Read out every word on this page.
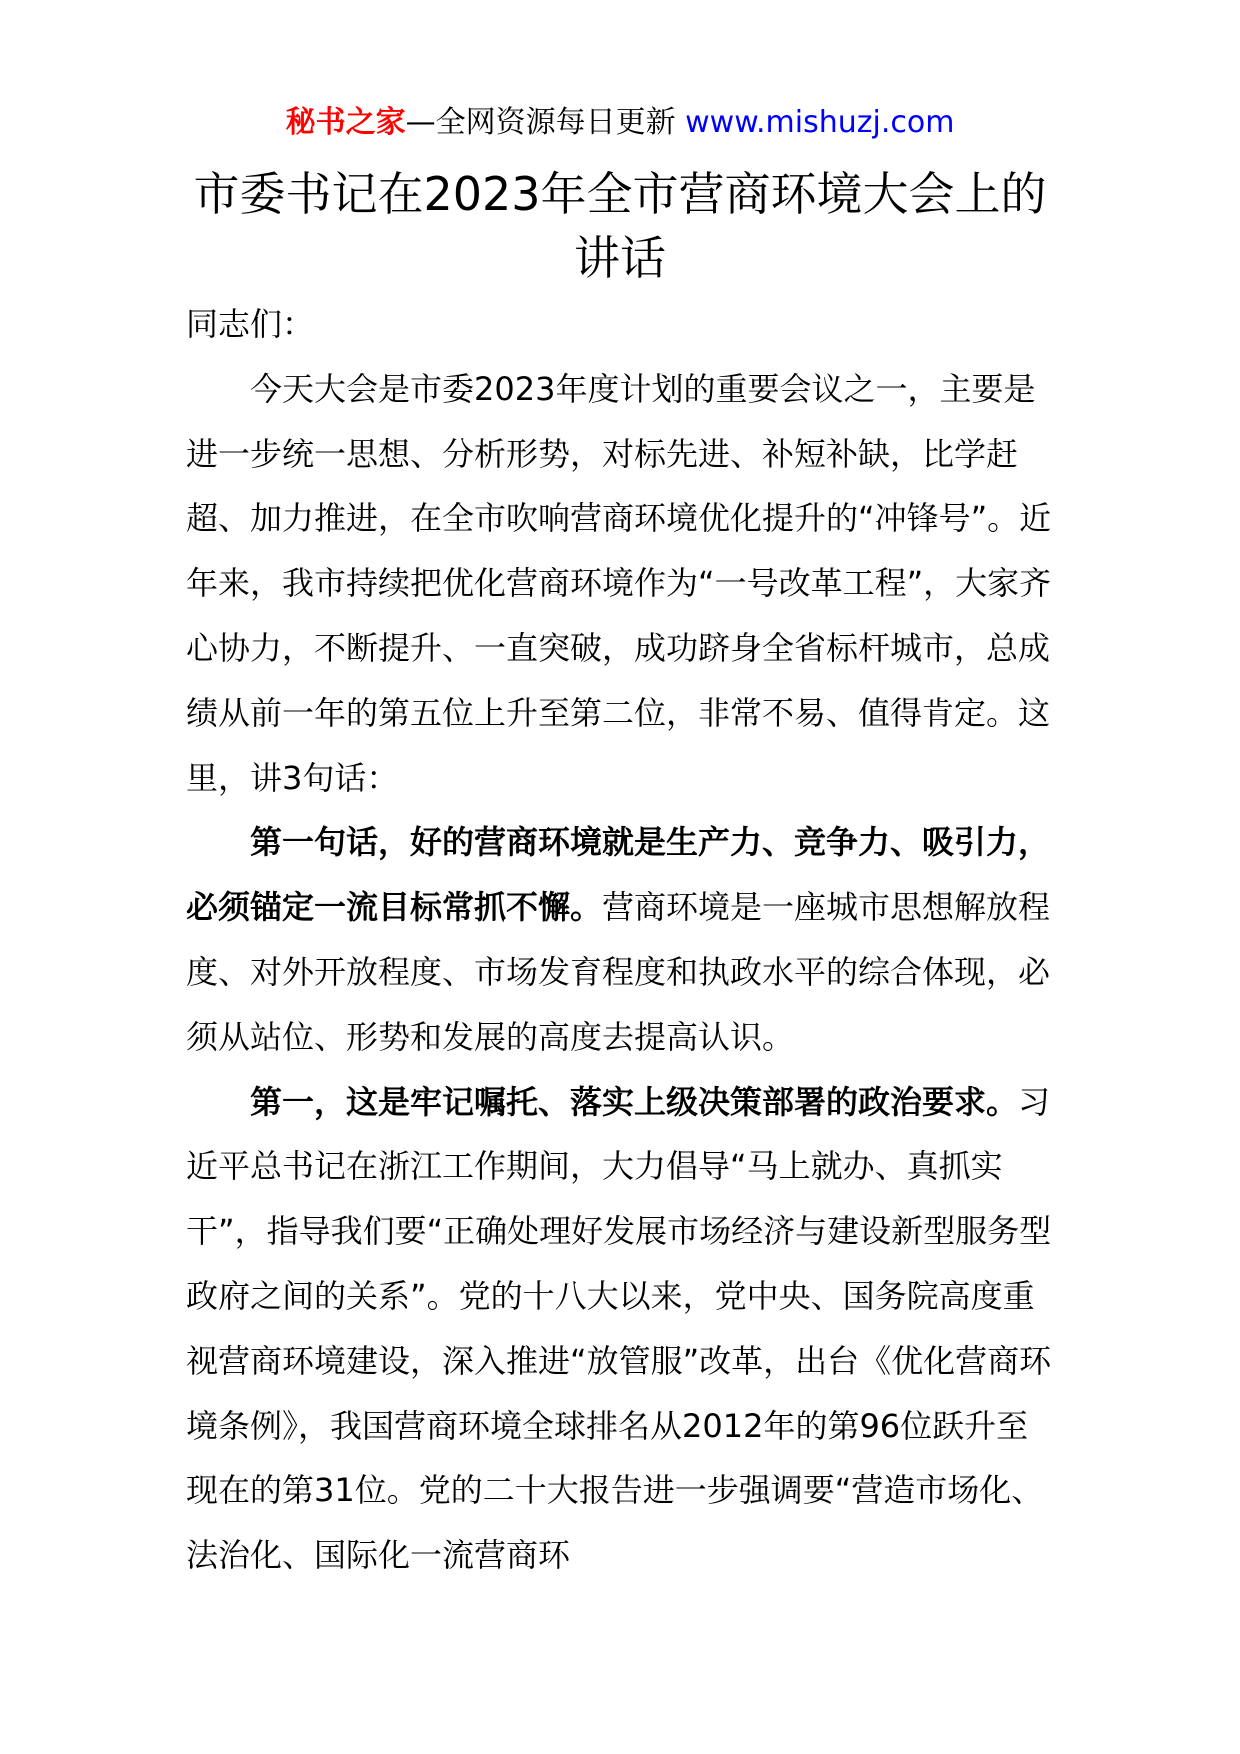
秘书之家—全网资源每日更新 www.mishuzj.com
市委书记在2023年全市营商环境大会上的讲话

同志们：

今天大会是市委2023年度计划的重要会议之一，主要是进一步统一思想、分析形势，对标先进、补短补缺，比学赶超、加力推进，在全市吹响营商环境优化提升的“冲锋号”。近年来，我市持续把优化营商环境作为“一号改革工程”，大家齐心协力，不断提升、一直突破，成功跻身全省标杆城市，总成绩从前一年的第五位上升至第二位，非常不易、值得肯定。这里，讲3句话：

第一句话，好的营商环境就是生产力、竞争力、吸引力，必须锚定一流目标常抓不懈。营商环境是一座城市思想解放程度、对外开放程度、市场发育程度和执政水平的综合体现，必须从站位、形势和发展的高度去提高认识。

第一，这是牢记嘱托、落实上级决策部署的政治要求。习近平总书记在浙江工作期间，大力倡导“马上就办、真抓实干”，指导我们要“正确处理好发展市场经济与建设新型服务型政府之间的关系”。党的十八大以来，党中央、国务院高度重视营商环境建设，深入推进“放管服”改革，出台《优化营商环境条例》，我国营商环境全球排名从2012年的第96位跃升至现在的第31位。党的二十大报告进一步强调要“营造市场化、法治化、国际化一流营商环
